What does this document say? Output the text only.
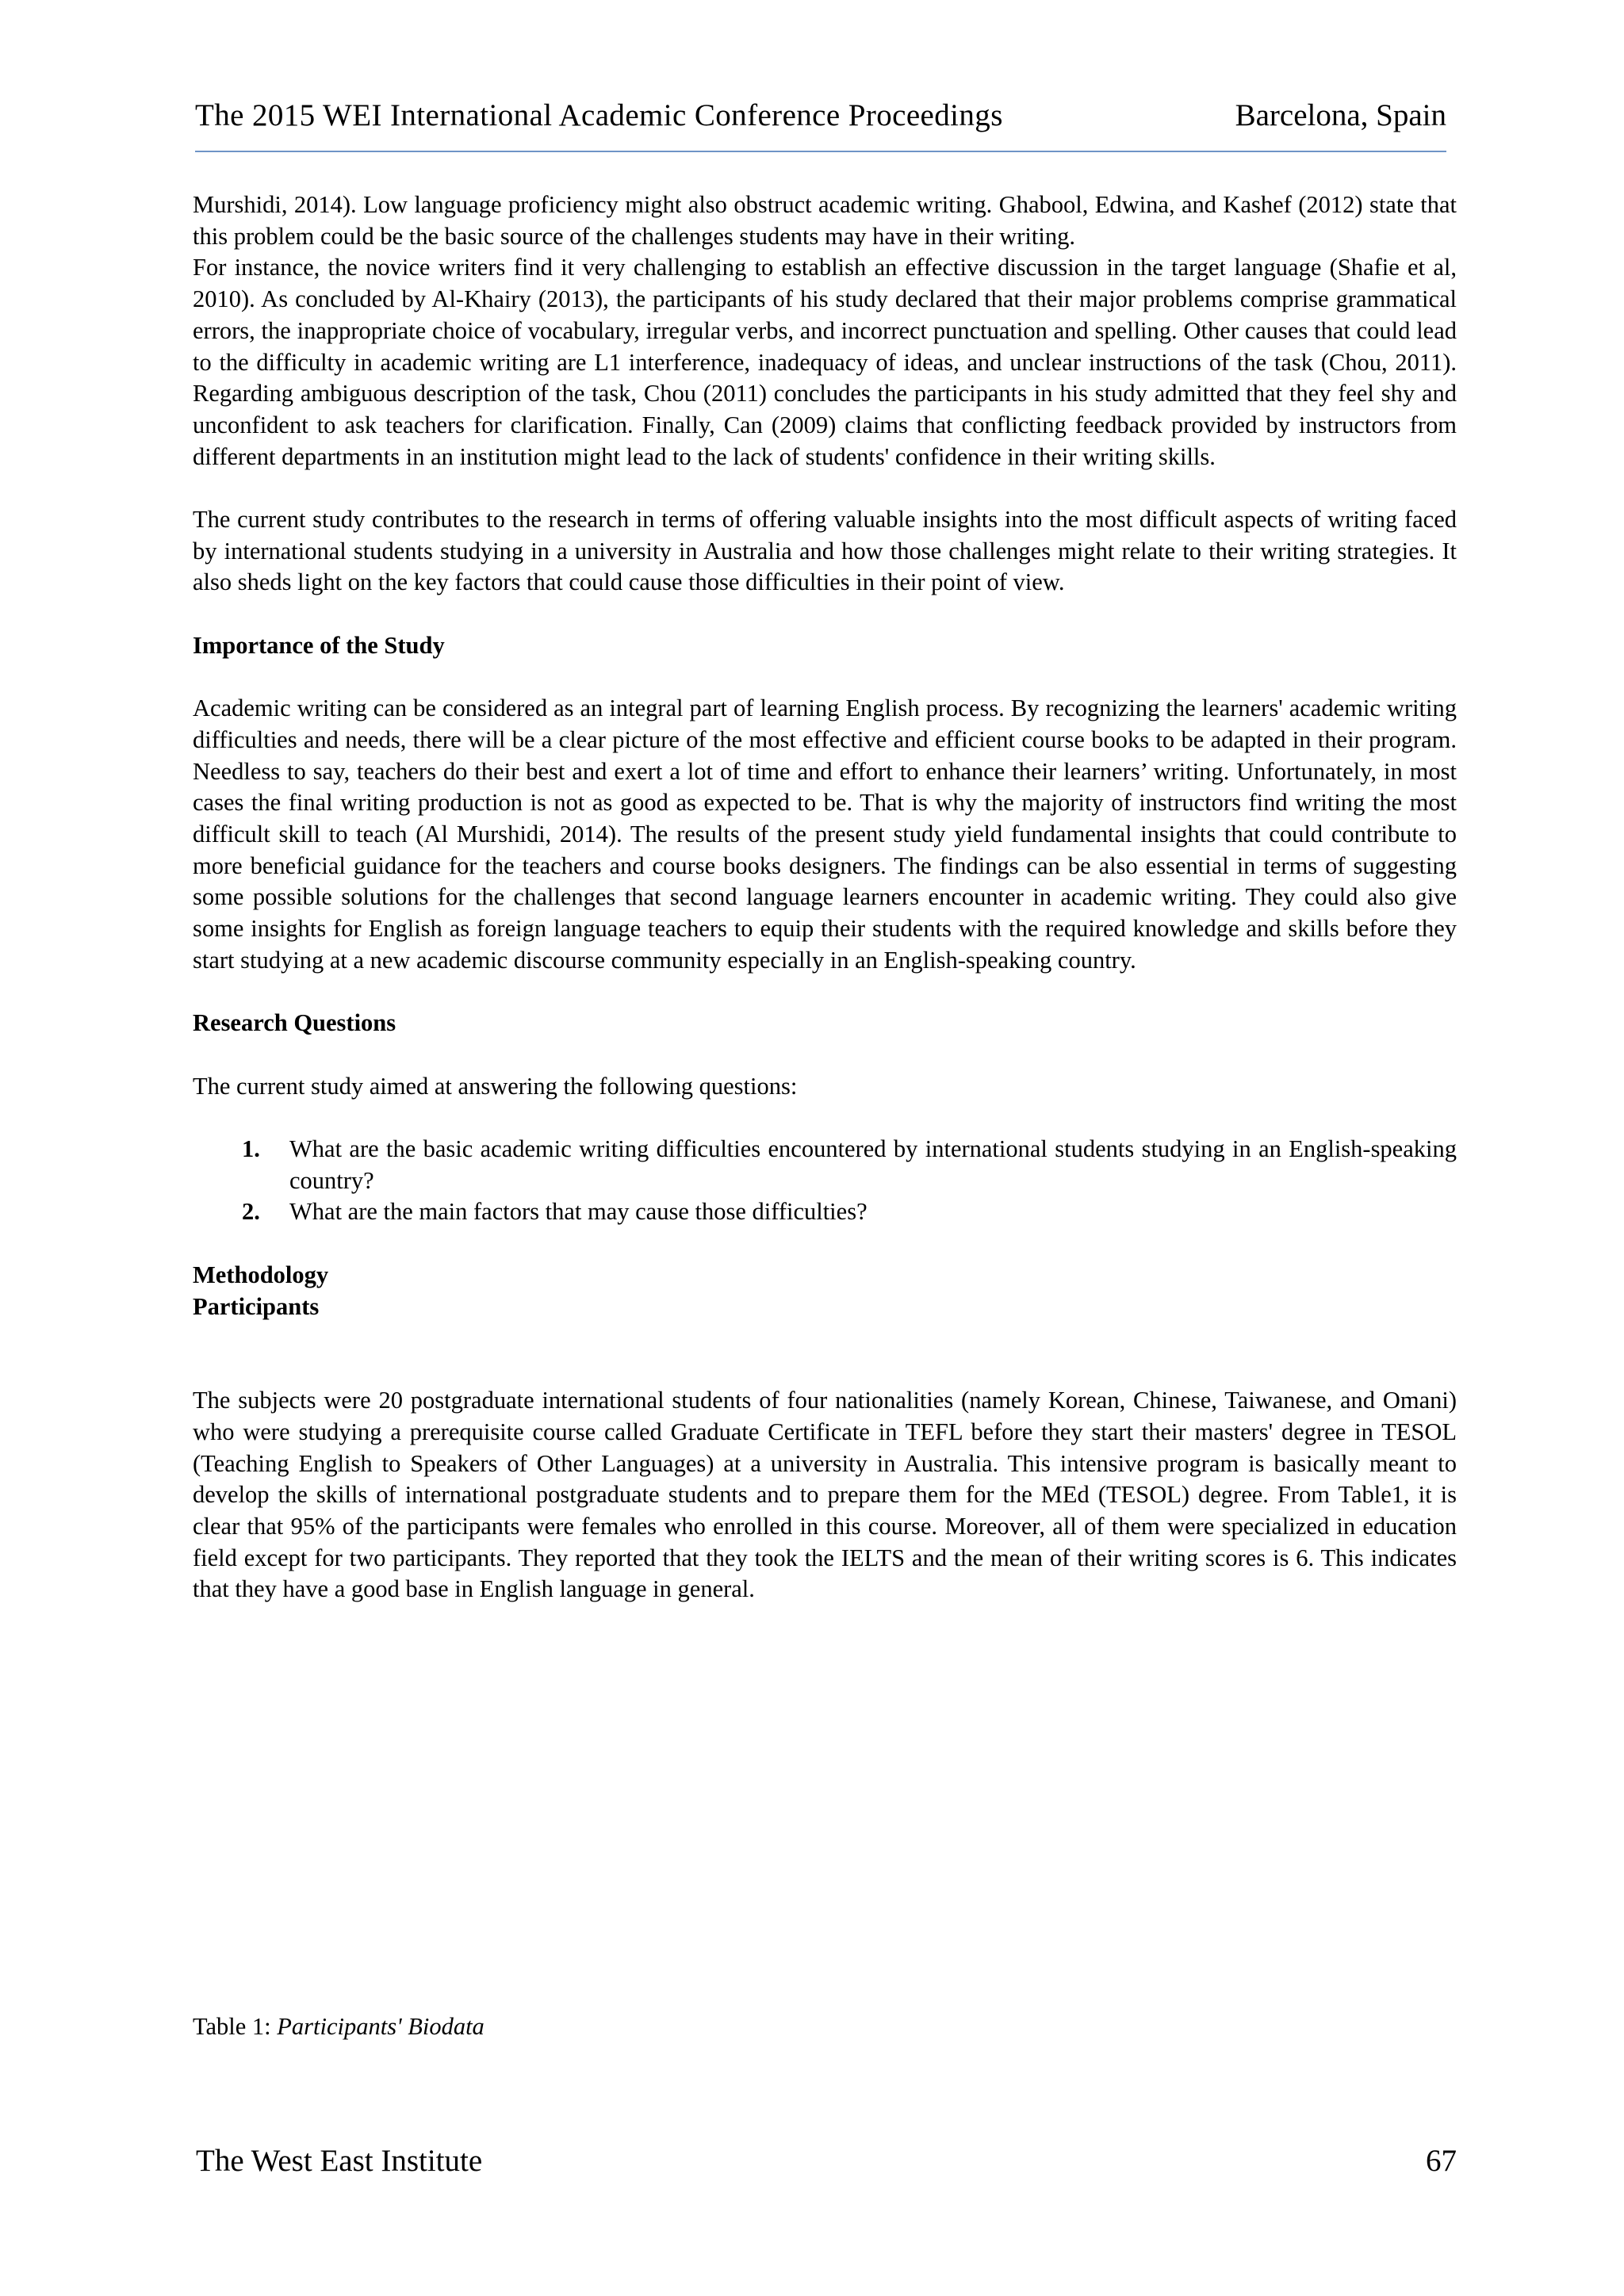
The 2015 WEI International Academic Conference Proceedings	Barcelona, Spain

Murshidi, 2014). Low language proficiency might also obstruct academic writing. Ghabool, Edwina, and Kashef (2012) state that this problem could be the basic source of the challenges students may have in their writing.

For instance, the novice writers find it very challenging to establish an effective discussion in the target language (Shafie et al, 2010). As concluded by Al-Khairy (2013), the participants of his study declared that their major problems comprise grammatical errors, the inappropriate choice of vocabulary, irregular verbs, and incorrect punctuation and spelling. Other causes that could lead to the difficulty in academic writing are L1 interference, inadequacy of ideas, and unclear instructions of the task (Chou, 2011). Regarding ambiguous description of the task, Chou (2011) concludes the participants in his study admitted that they feel shy and unconfident to ask teachers for clarification. Finally, Can (2009) claims that conflicting feedback provided by instructors from different departments in an institution might lead to the lack of students' confidence in their writing skills.

The current study contributes to the research in terms of offering valuable insights into the most difficult aspects of writing faced by international students studying in a university in Australia and how those challenges might relate to their writing strategies. It also sheds light on the key factors that could cause those difficulties in their point of view.

Importance of the Study

Academic writing can be considered as an integral part of learning English process. By recognizing the learners' academic writing difficulties and needs, there will be a clear picture of the most effective and efficient course books to be adapted in their program. Needless to say, teachers do their best and exert a lot of time and effort to enhance their learners’ writing. Unfortunately, in most cases the final writing production is not as good as expected to be. That is why the majority of instructors find writing the most difficult skill to teach (Al Murshidi, 2014). The results of the present study yield fundamental insights that could contribute to more beneficial guidance for the teachers and course books designers. The findings can be also essential in terms of suggesting some possible solutions for the challenges that second language learners encounter in academic writing. They could also give some insights for English as foreign language teachers to equip their students with the required knowledge and skills before they start studying at a new academic discourse community especially in an English-speaking country.

Research Questions

The current study aimed at answering the following questions:

1. What are the basic academic writing difficulties encountered by international students studying in an English-speaking country?
2. What are the main factors that may cause those difficulties?
Methodology
Participants

The subjects were 20 postgraduate international students of four nationalities (namely Korean, Chinese, Taiwanese, and Omani) who were studying a prerequisite course called Graduate Certificate in TEFL before they start their masters' degree in TESOL (Teaching English to Speakers of Other Languages) at a university in Australia. This intensive program is basically meant to develop the skills of international postgraduate students and to prepare them for the MEd (TESOL) degree. From Table1, it is clear that 95% of the participants were females who enrolled in this course. Moreover, all of them were specialized in education field except for two participants. They reported that they took the IELTS and the mean of their writing scores is 6. This indicates that they have a good base in English language in general.

Table 1: Participants' Biodata
The West East Institute	67
